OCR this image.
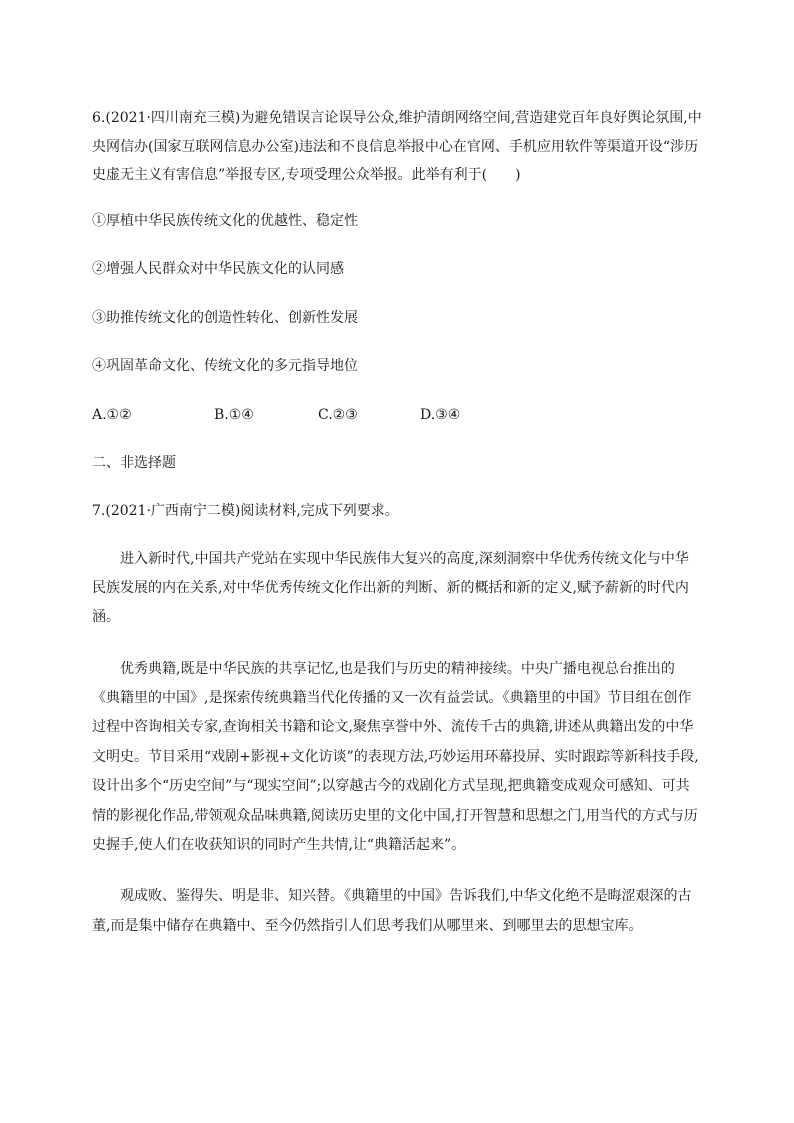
6.(2021·四川南充三模)为避免错误言论误导公众,维护清朗网络空间,营造建党百年良好舆论氛围,中央网信办(国家互联网信息办公室)违法和不良信息举报中心在官网、手机应用软件等渠道开设“涉历史虚无主义有害信息”举报专区,专项受理公众举报。此举有利于(　　)
①厚植中华民族传统文化的优越性、稳定性
②增强人民群众对中华民族文化的认同感
③助推传统文化的创造性转化、创新性发展
④巩固革命文化、传统文化的多元指导地位
A.①②	B.①④	C.②③	D.③④
二、非选择题
7.(2021·广西南宁二模)阅读材料,完成下列要求。

进入新时代,中国共产党站在实现中华民族伟大复兴的高度,深刻洞察中华优秀传统文化与中华民族发展的内在关系,对中华优秀传统文化作出新的判断、新的概括和新的定义,赋予薪新的时代内涵。

优秀典籍,既是中华民族的共享记忆,也是我们与历史的精神接续。中央广播电视总台推出的《典籍里的中国》,是探索传统典籍当代化传播的又一次有益尝试。《典籍里的中国》节目组在创作过程中咨询相关专家,查询相关书籍和论文,聚焦享誉中外、流传千古的典籍,讲述从典籍出发的中华文明史。节目采用“戏剧+影视+文化访谈”的表现方法,巧妙运用环幕投屏、实时跟踪等新科技手段,设计出多个“历史空间”与“现实空间”;以穿越古今的戏剧化方式呈现,把典籍变成观众可感知、可共情的影视化作品,带领观众品味典籍,阅读历史里的文化中国,打开智慧和思想之门,用当代的方式与历史握手,使人们在收获知识的同时产生共情,让“典籍活起来”。

观成败、鉴得失、明是非、知兴替。《典籍里的中国》告诉我们,中华文化绝不是晦涩艰深的古董,而是集中储存在典籍中、至今仍然指引人们思考我们从哪里来、到哪里去的思想宝库。
